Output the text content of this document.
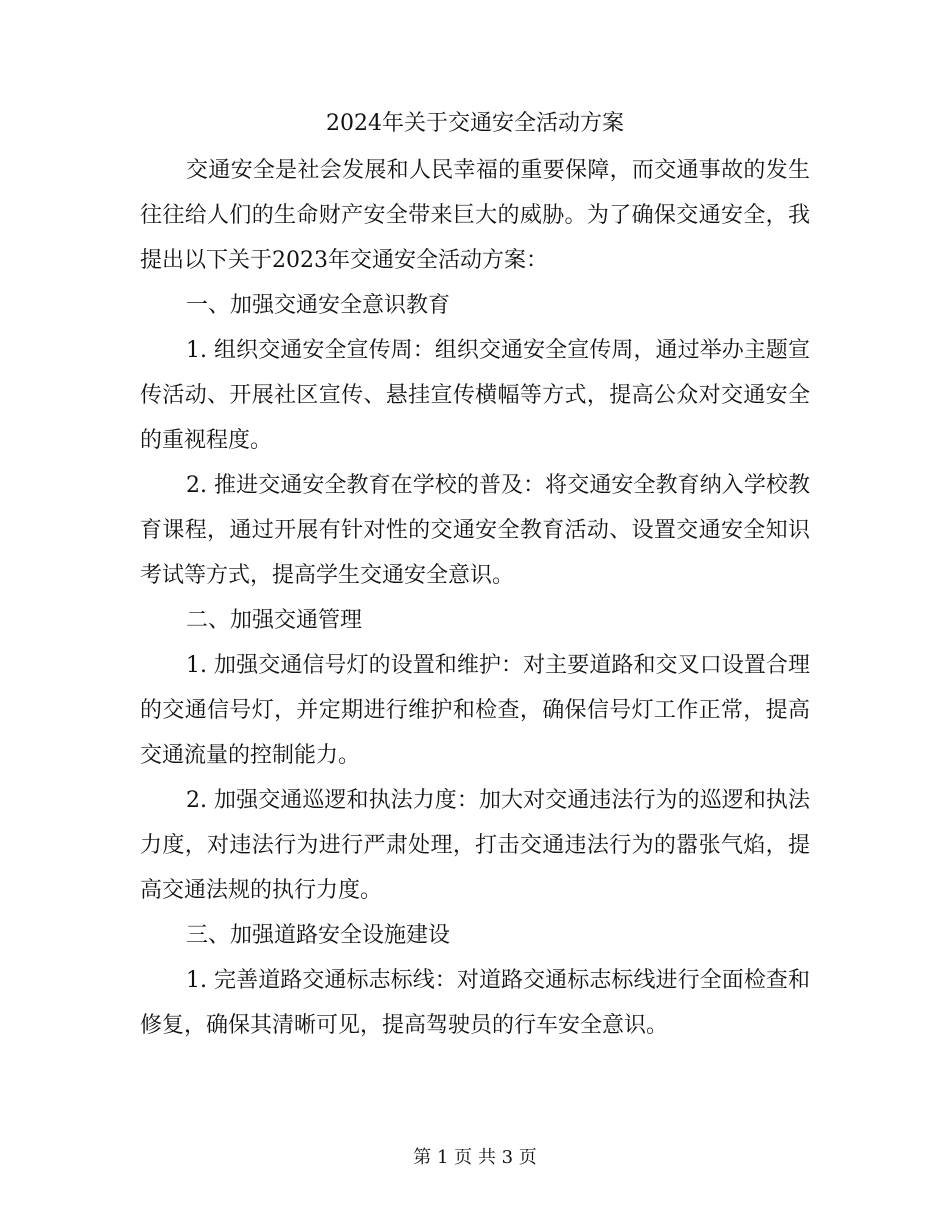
2024年关于交通安全活动方案

交通安全是社会发展和人民幸福的重要保障，而交通事故的发生往往给人们的生命财产安全带来巨大的威胁。为了确保交通安全，我提出以下关于2023年交通安全活动方案：

一、加强交通安全意识教育

1. 组织交通安全宣传周：组织交通安全宣传周，通过举办主题宣传活动、开展社区宣传、悬挂宣传横幅等方式，提高公众对交通安全的重视程度。

2. 推进交通安全教育在学校的普及：将交通安全教育纳入学校教育课程，通过开展有针对性的交通安全教育活动、设置交通安全知识考试等方式，提高学生交通安全意识。

二、加强交通管理

1. 加强交通信号灯的设置和维护：对主要道路和交叉口设置合理的交通信号灯，并定期进行维护和检查，确保信号灯工作正常，提高交通流量的控制能力。

2. 加强交通巡逻和执法力度：加大对交通违法行为的巡逻和执法力度，对违法行为进行严肃处理，打击交通违法行为的嚣张气焰，提高交通法规的执行力度。

三、加强道路安全设施建设

1. 完善道路交通标志标线：对道路交通标志标线进行全面检查和修复，确保其清晰可见，提高驾驶员的行车安全意识。

第 1 页 共 3 页
